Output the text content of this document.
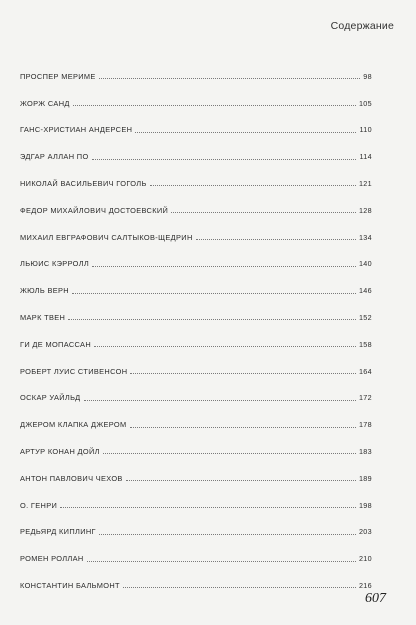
Содержание
ПРОСПЕР МЕРИМЕ	98
ЖОРЖ САНД	105
ГАНС-ХРИСТИАН АНДЕРСЕН	110
ЭДГАР АЛЛАН ПО	114
НИКОЛАЙ ВАСИЛЬЕВИЧ ГОГОЛЬ	121
ФЕДОР МИХАЙЛОВИЧ ДОСТОЕВСКИЙ	128
МИХАИЛ ЕВГРАФОВИЧ САЛТЫКОВ-ЩЕДРИН	134
ЛЬЮИС КЭРРОЛЛ	140
ЖЮЛЬ ВЕРН	146
МАРК ТВЕН	152
ГИ ДЕ МОПАССАН	158
РОБЕРТ ЛУИС СТИВЕНСОН	164
ОСКАР УАЙЛЬД	172
ДЖЕРОМ КЛАПКА ДЖЕРОМ	178
АРТУР КОНАН ДОЙЛ	183
АНТОН ПАВЛОВИЧ ЧЕХОВ	189
О. ГЕНРИ	198
РЕДЬЯРД КИПЛИНГ	203
РОМЕН РОЛЛАН	210
КОНСТАНТИН БАЛЬМОНТ	216
607
